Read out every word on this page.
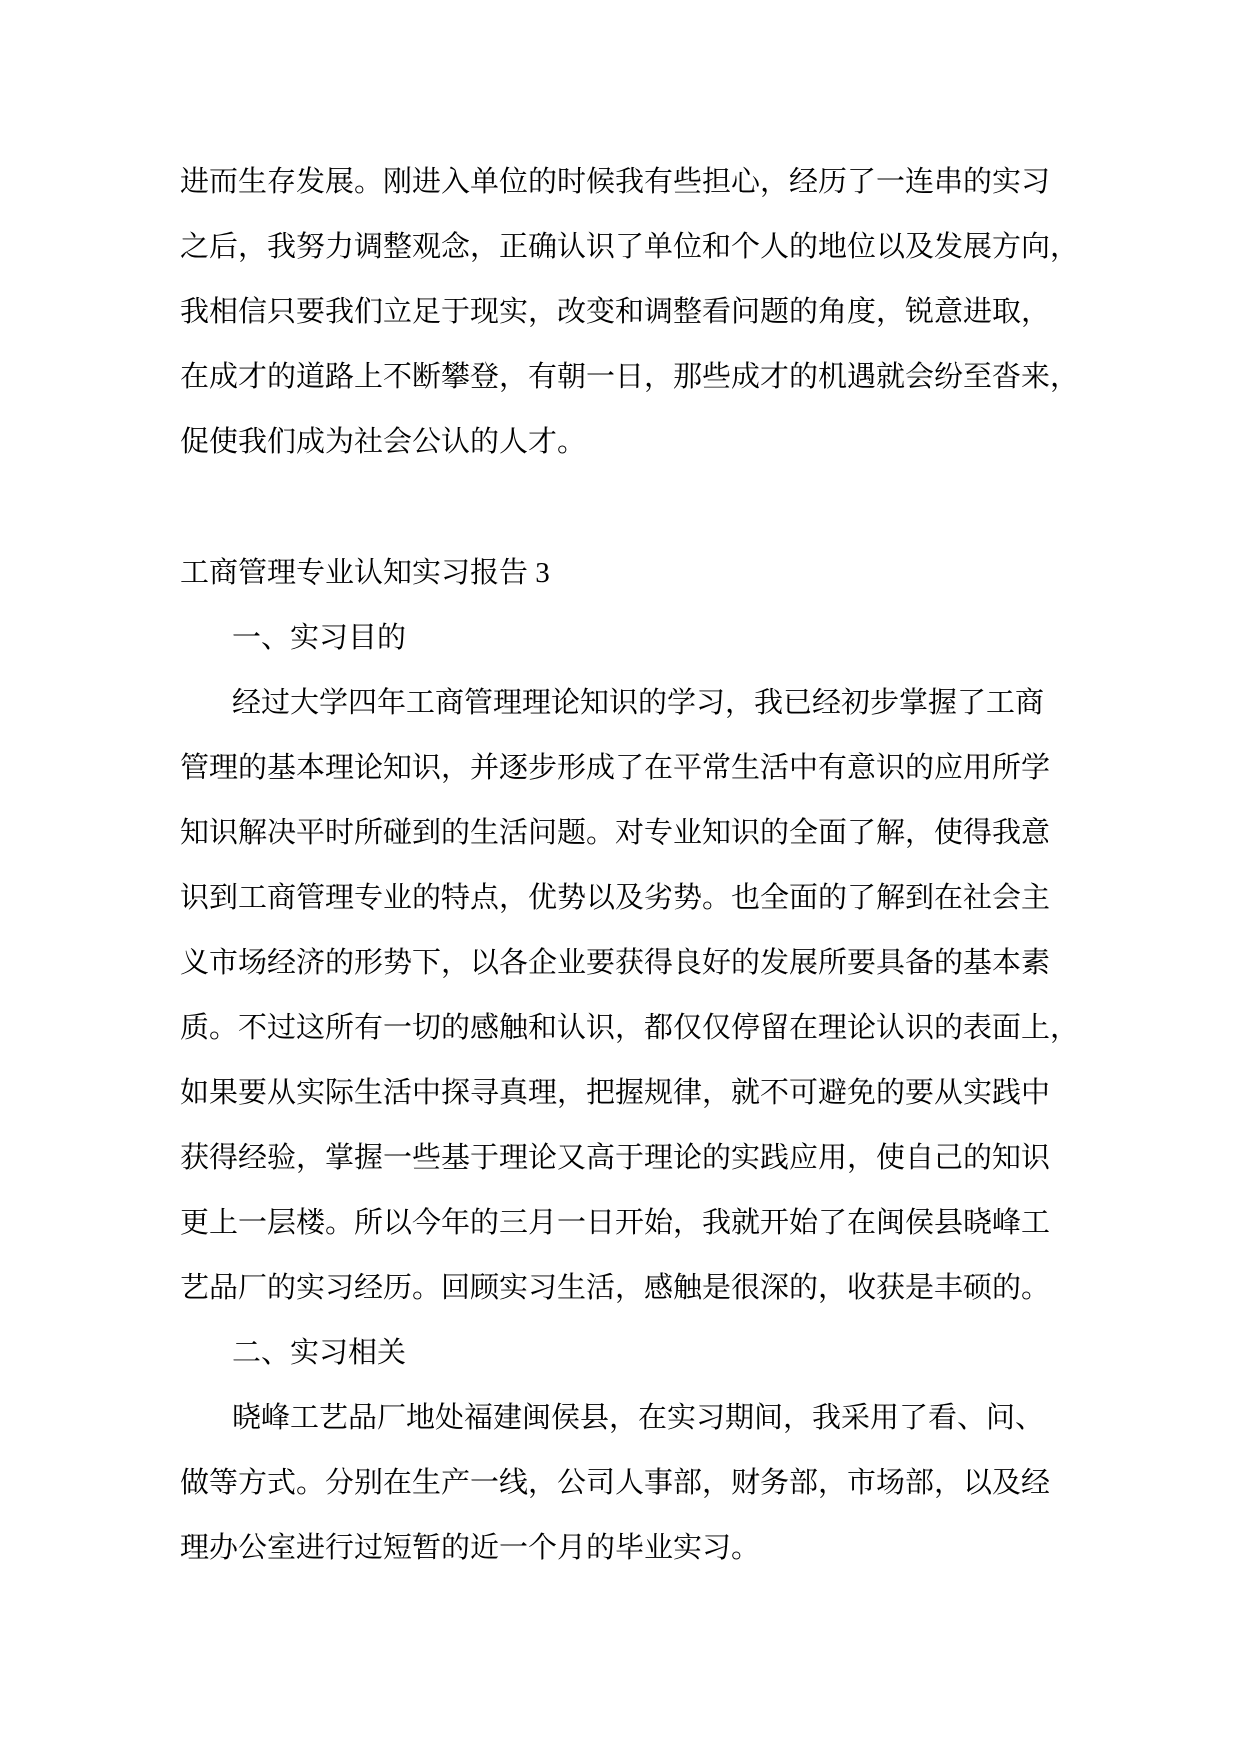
进而生存发展。刚进入单位的时候我有些担心，经历了一连串的实习
之后，我努力调整观念，正确认识了单位和个人的地位以及发展方向，
我相信只要我们立足于现实，改变和调整看问题的角度，锐意进取，
在成才的道路上不断攀登，有朝一日，那些成才的机遇就会纷至沓来，
促使我们成为社会公认的人才。
工商管理专业认知实习报告 3
一、实习目的
经过大学四年工商管理理论知识的学习，我已经初步掌握了工商
管理的基本理论知识，并逐步形成了在平常生活中有意识的应用所学
知识解决平时所碰到的生活问题。对专业知识的全面了解，使得我意
识到工商管理专业的特点，优势以及劣势。也全面的了解到在社会主
义市场经济的形势下，以各企业要获得良好的发展所要具备的基本素
质。不过这所有一切的感触和认识，都仅仅停留在理论认识的表面上，
如果要从实际生活中探寻真理，把握规律，就不可避免的要从实践中
获得经验，掌握一些基于理论又高于理论的实践应用，使自己的知识
更上一层楼。所以今年的三月一日开始，我就开始了在闽侯县晓峰工
艺品厂的实习经历。回顾实习生活，感触是很深的，收获是丰硕的。
二、实习相关
晓峰工艺品厂地处福建闽侯县，在实习期间，我采用了看、问、
做等方式。分别在生产一线，公司人事部，财务部，市场部，以及经
理办公室进行过短暂的近一个月的毕业实习。
